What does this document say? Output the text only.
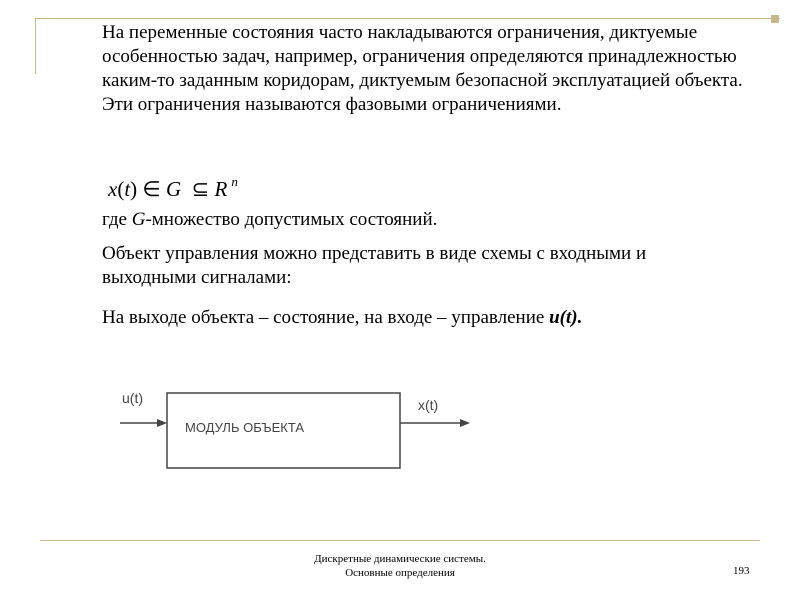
На переменные состояния часто накладываются ограничения, диктуемые особенностью задач, например, ограничения определяются принадлежностью каким-то заданным коридорам, диктуемым безопасной эксплуатацией объекта. Эти ограничения называются фазовыми ограничениями.

x(t) ∈ G ⊆ R $^n$
где G-множество допустимых состояний.
Объект управления можно представить в виде схемы с входными и выходными сигналами:
На выходе объекта – состояние, на входе – управление u(t).
u(t)
МОДУЛЬ ОБЪЕКТА
x(t)
Дискретные динамические системы.
Основные определения	193
